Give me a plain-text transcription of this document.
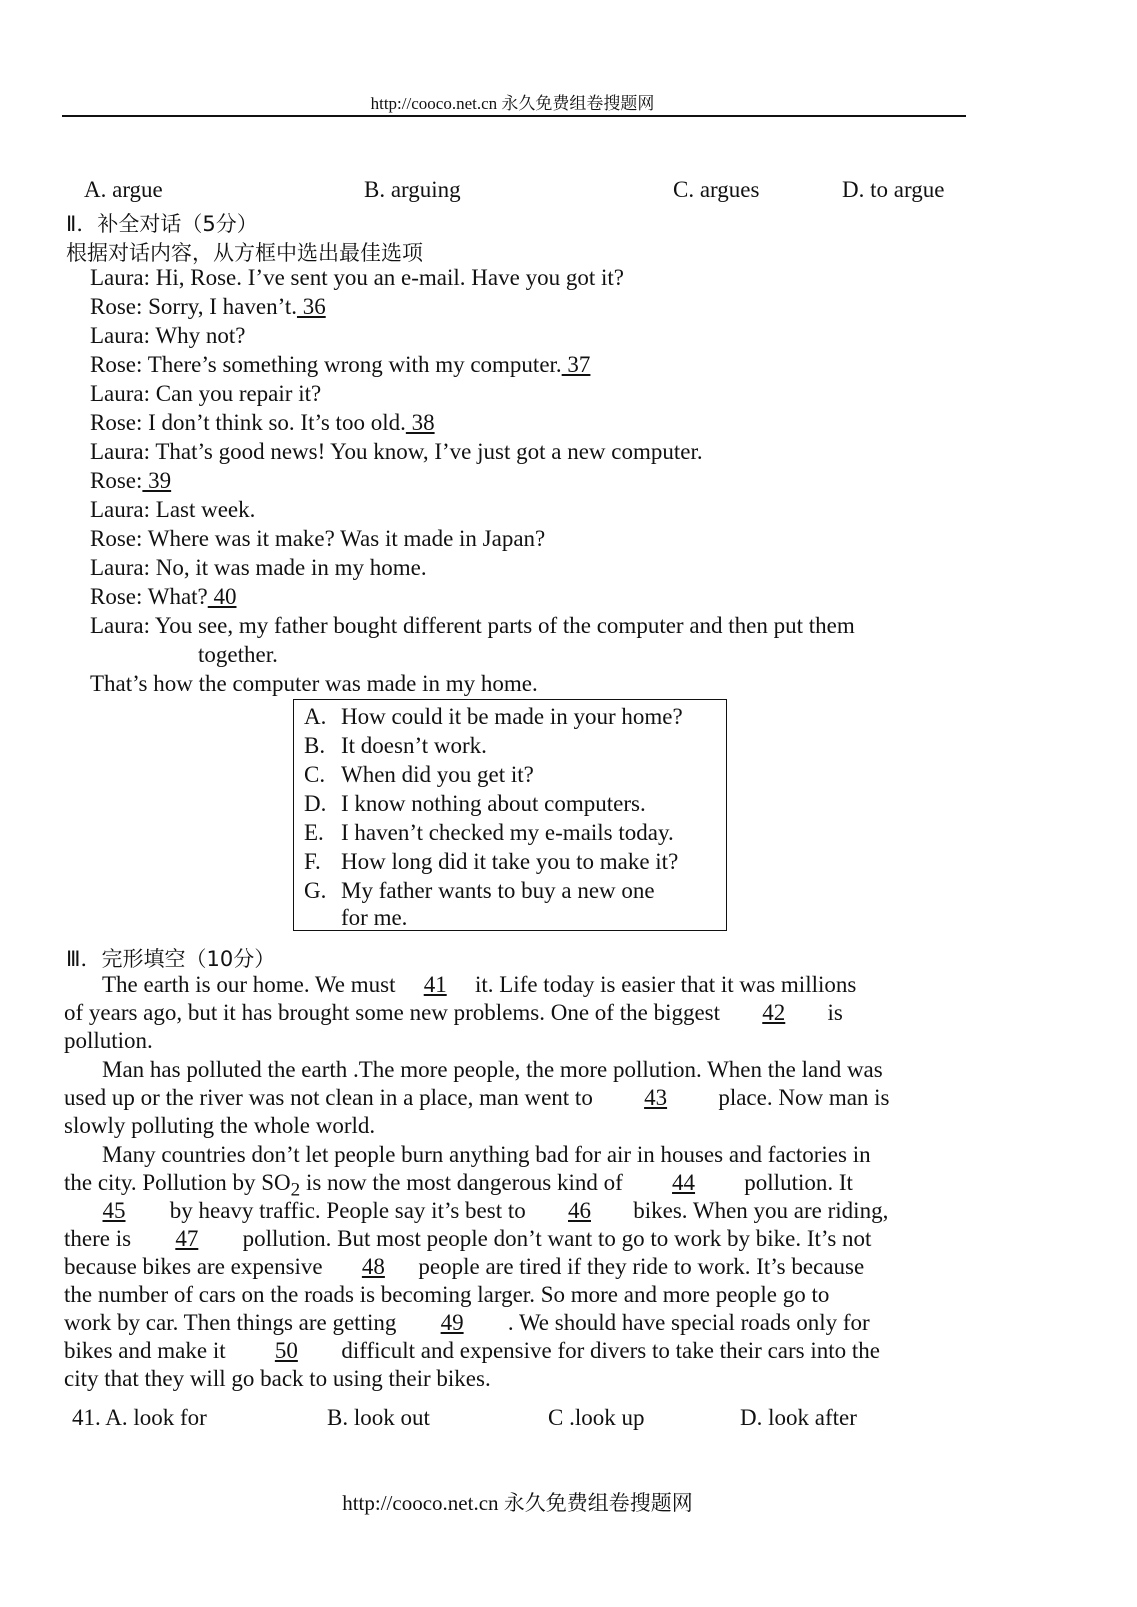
http://cooco.net.cn 永久免费组卷搜题网
A. argue	B. arguing	C. argues	D. to argue
Ⅱ．补全对话（5分）
根据对话内容，从方框中选出最佳选项
Laura: Hi, Rose. I’ve sent you an e-mail. Have you got it?
Rose: Sorry, I haven’t. 36
Laura: Why not?
Rose: There’s something wrong with my computer. 37
Laura: Can you repair it?
Rose: I don’t think so. It’s too old. 38
Laura: That’s good news! You know, I’ve just got a new computer.
Rose: 39
Laura: Last week.
Rose: Where was it make? Was it made in Japan?
Laura: No, it was made in my home.
Rose: What? 40
Laura: You see, my father bought different parts of the computer and then put them
together.
That’s how the computer was made in my home.
A. How could it be made in your home?
B. It doesn’t work.
C. When did you get it?
D. I know nothing about computers.
E. I haven’t checked my e-mails today.
F. How long did it take you to make it?
G. My father wants to buy a new one
for me.
Ⅲ．完形填空（10分）
The earth is our home. We must 41 it. Life today is easier that it was millions
of years ago, but it has brought some new problems. One of the biggest 42 is
pollution.
Man has polluted the earth .The more people, the more pollution. When the land was
used up or the river was not clean in a place, man went to 43 place. Now man is
slowly polluting the whole world.
Many countries don’t let people burn anything bad for air in houses and factories in
the city. Pollution by $SO_2$ is now the most dangerous kind of 44 pollution. It
45 by heavy traffic. People say it’s best to 46 bikes. When you are riding,
there is 47 pollution. But most people don’t want to go to work by bike. It’s not
because bikes are expensive 48 people are tired if they ride to work. It’s because
the number of cars on the roads is becoming larger. So more and more people go to
work by car. Then things are getting 49 . We should have special roads only for
bikes and make it 50 difficult and expensive for divers to take their cars into the
city that they will go back to using their bikes.
41. A. look for	B. look out	C .look up	D. look after
http://cooco.net.cn 永久免费组卷搜题网
